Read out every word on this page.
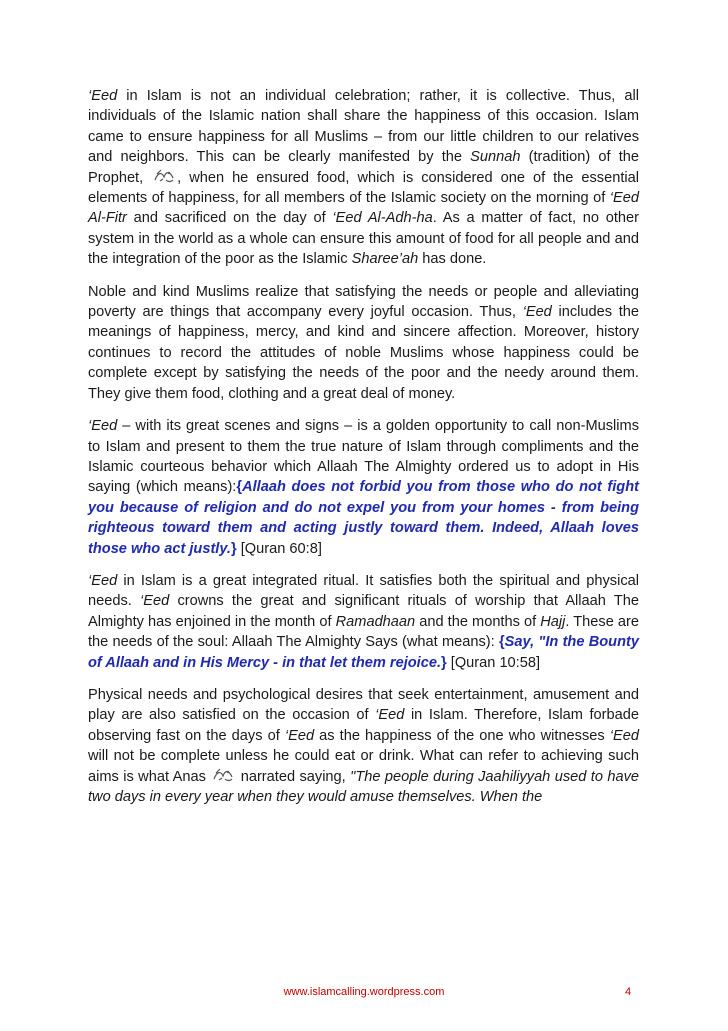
‘Eed in Islam is not an individual celebration; rather, it is collective. Thus, all individuals of the Islamic nation shall share the happiness of this occasion. Islam came to ensure happiness for all Muslims – from our little children to our relatives and neighbors. This can be clearly manifested by the Sunnah (tradition) of the Prophet, , when he ensured food, which is considered one of the essential elements of happiness, for all members of the Islamic society on the morning of ‘Eed Al-Fitr and sacrificed on the day of ‘Eed Al-Adh-ha. As a matter of fact, no other system in the world as a whole can ensure this amount of food for all people and and the integration of the poor as the Islamic Sharee’ah has done.

Noble and kind Muslims realize that satisfying the needs or people and alleviating poverty are things that accompany every joyful occasion. Thus, ‘Eed includes the meanings of happiness, mercy, and kind and sincere affection. Moreover, history continues to record the attitudes of noble Muslims whose happiness could be complete except by satisfying the needs of the poor and the needy around them. They give them food, clothing and a great deal of money.

‘Eed – with its great scenes and signs – is a golden opportunity to call non-Muslims to Islam and present to them the true nature of Islam through compliments and the Islamic courteous behavior which Allaah The Almighty ordered us to adopt in His saying (which means):{Allaah does not forbid you from those who do not fight you because of religion and do not expel you from your homes - from being righteous toward them and acting justly toward them. Indeed, Allaah loves those who act justly.} [Quran 60:8]

‘Eed in Islam is a great integrated ritual. It satisfies both the spiritual and physical needs. ‘Eed crowns the great and significant rituals of worship that Allaah The Almighty has enjoined in the month of Ramadhaan and the months of Hajj. These are the needs of the soul: Allaah The Almighty Says (what means): {Say, "In the Bounty of Allaah and in His Mercy - in that let them rejoice.} [Quran 10:58]

Physical needs and psychological desires that seek entertainment, amusement and play are also satisfied on the occasion of ‘Eed in Islam. Therefore, Islam forbade observing fast on the days of ‘Eed as the happiness of the one who witnesses ‘Eed will not be complete unless he could eat or drink. What can refer to achieving such aims is what Anas  narrated saying, "The people during Jaahiliyyah used to have two days in every year when they would amuse themselves. When the

www.islamcalling.wordpress.com	4
